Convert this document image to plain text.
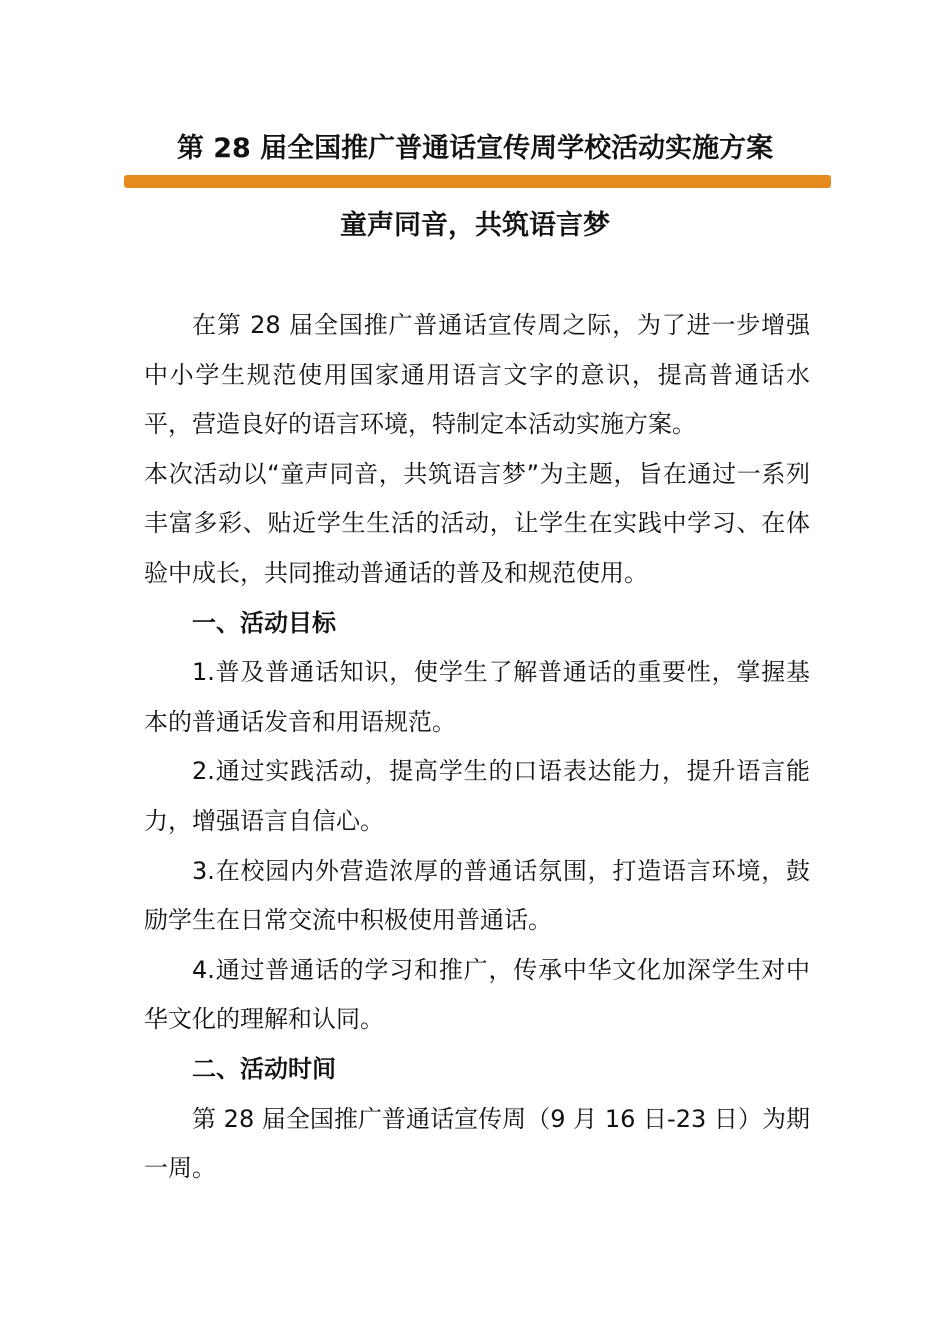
第 28 届全国推广普通话宣传周学校活动实施方案
童声同音，共筑语言梦

在第 28 届全国推广普通话宣传周之际，为了进一步增强中小学生规范使用国家通用语言文字的意识，提高普通话水平，营造良好的语言环境，特制定本活动实施方案。

本次活动以“童声同音，共筑语言梦”为主题，旨在通过一系列丰富多彩、贴近学生生活的活动，让学生在实践中学习、在体验中成长，共同推动普通话的普及和规范使用。

一、活动目标

1.普及普通话知识，使学生了解普通话的重要性，掌握基本的普通话发音和用语规范。

2.通过实践活动，提高学生的口语表达能力，提升语言能力，增强语言自信心。

3.在校园内外营造浓厚的普通话氛围，打造语言环境，鼓励学生在日常交流中积极使用普通话。

4.通过普通话的学习和推广，传承中华文化加深学生对中华文化的理解和认同。

二、活动时间

第 28 届全国推广普通话宣传周（9 月 16 日-23 日）为期一周。
